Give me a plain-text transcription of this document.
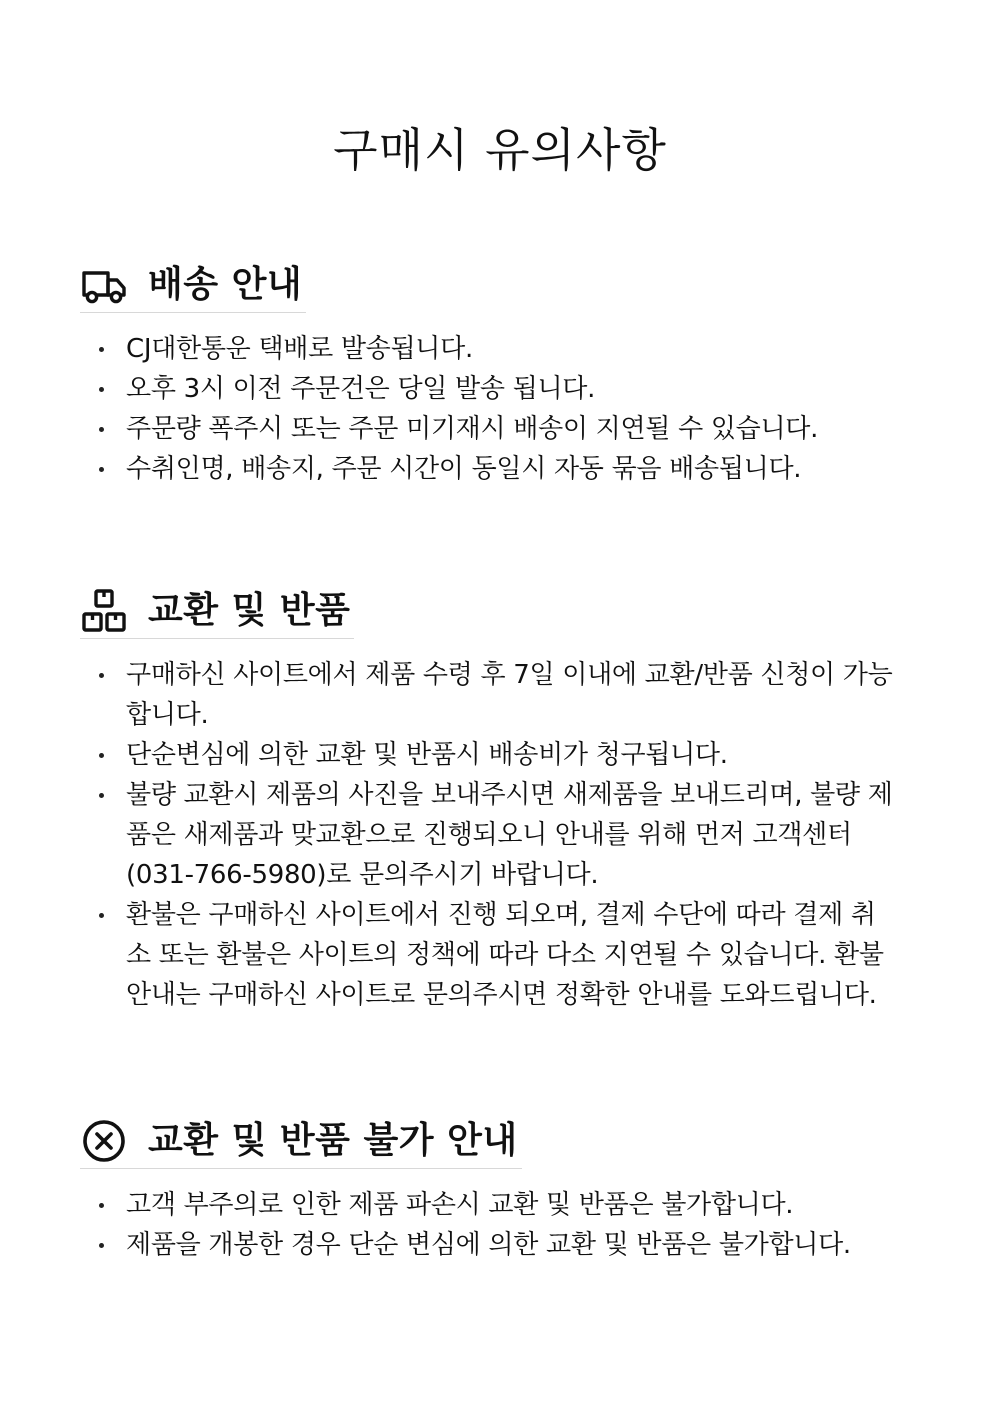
구매시 유의사항
배송 안내
CJ대한통운 택배로 발송됩니다.
오후 3시 이전 주문건은 당일 발송 됩니다.
주문량 폭주시 또는 주문 미기재시 배송이 지연될 수 있습니다.
수취인명, 배송지, 주문 시간이 동일시 자동 묶음 배송됩니다.
교환 및 반품
구매하신 사이트에서 제품 수령 후 7일 이내에 교환/반품 신청이 가능합니다.
단순변심에 의한 교환 및 반품시 배송비가 청구됩니다.
불량 교환시 제품의 사진을 보내주시면 새제품을 보내드리며, 불량 제품은 새제품과 맞교환으로 진행되오니 안내를 위해 먼저 고객센터(031-766-5980)로 문의주시기 바랍니다.
환불은 구매하신 사이트에서 진행 되오며, 결제 수단에 따라 결제 취소 또는 환불은 사이트의 정책에 따라 다소 지연될 수 있습니다. 환불 안내는 구매하신 사이트로 문의주시면 정확한 안내를 도와드립니다.
교환 및 반품 불가 안내
고객 부주의로 인한 제품 파손시 교환 및 반품은 불가합니다.
제품을 개봉한 경우 단순 변심에 의한 교환 및 반품은 불가합니다.
